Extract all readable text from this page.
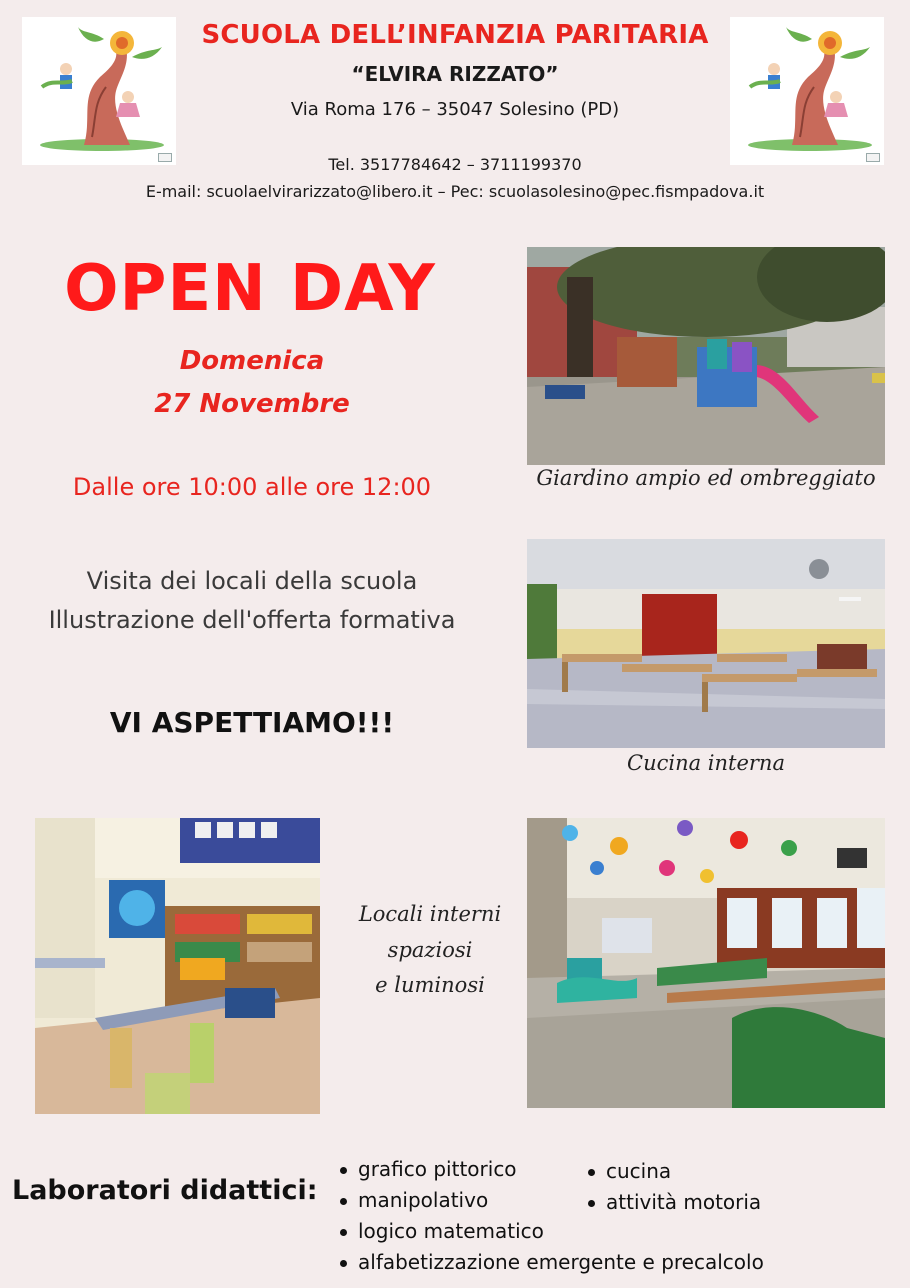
SCUOLA DELL’INFANZIA PARITARIA
“ELVIRA RIZZATO”
Via Roma 176 – 35047 Solesino (PD)
Tel. 3517784642 – 3711199370
E-mail: scuolaelvirarizzato@libero.it – Pec: scuolasolesino@pec.fismpadova.it
OPEN DAY
Domenica
27 Novembre
Dalle ore 10:00 alle ore 12:00
Visita dei locali della scuola
Illustrazione dell'offerta formativa
VI ASPETTIAMO!!!
Giardino ampio ed ombreggiato
Cucina interna
Locali interni
spaziosi
e luminosi
Laboratori didattici:
grafico pittorico
manipolativo
logico matematico
alfabetizzazione emergente e precalcolo
cucina
attività motoria
